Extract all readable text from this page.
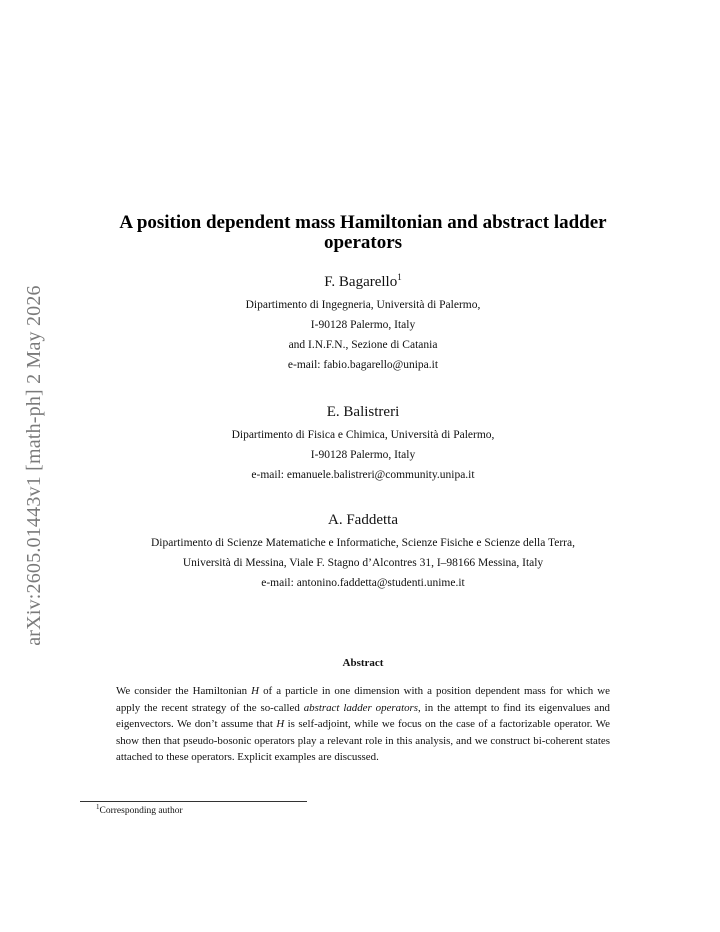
arXiv:2605.01443v1 [math-ph] 2 May 2026
A position dependent mass Hamiltonian and abstract ladder operators

F. Bagarello$^1$

Dipartimento di Ingegneria, Università di Palermo,

I-90128 Palermo, Italy

and I.N.F.N., Sezione di Catania

e-mail: fabio.bagarello@unipa.it

E. Balistreri

Dipartimento di Fisica e Chimica, Università di Palermo,

I-90128 Palermo, Italy

e-mail: emanuele.balistreri@community.unipa.it

A. Faddetta

Dipartimento di Scienze Matematiche e Informatiche, Scienze Fisiche e Scienze della Terra,

Università di Messina, Viale F. Stagno d’Alcontres 31, I–98166 Messina, Italy

e-mail: antonino.faddetta@studenti.unime.it

Abstract

We consider the Hamiltonian H of a particle in one dimension with a position dependent mass for which we apply the recent strategy of the so-called abstract ladder operators, in the attempt to find its eigenvalues and eigenvectors. We don’t assume that H is self-adjoint, while we focus on the case of a factorizable operator. We show then that pseudo-bosonic operators play a relevant role in this analysis, and we construct bi-coherent states attached to these operators. Explicit examples are discussed.

$^1$Corresponding author
